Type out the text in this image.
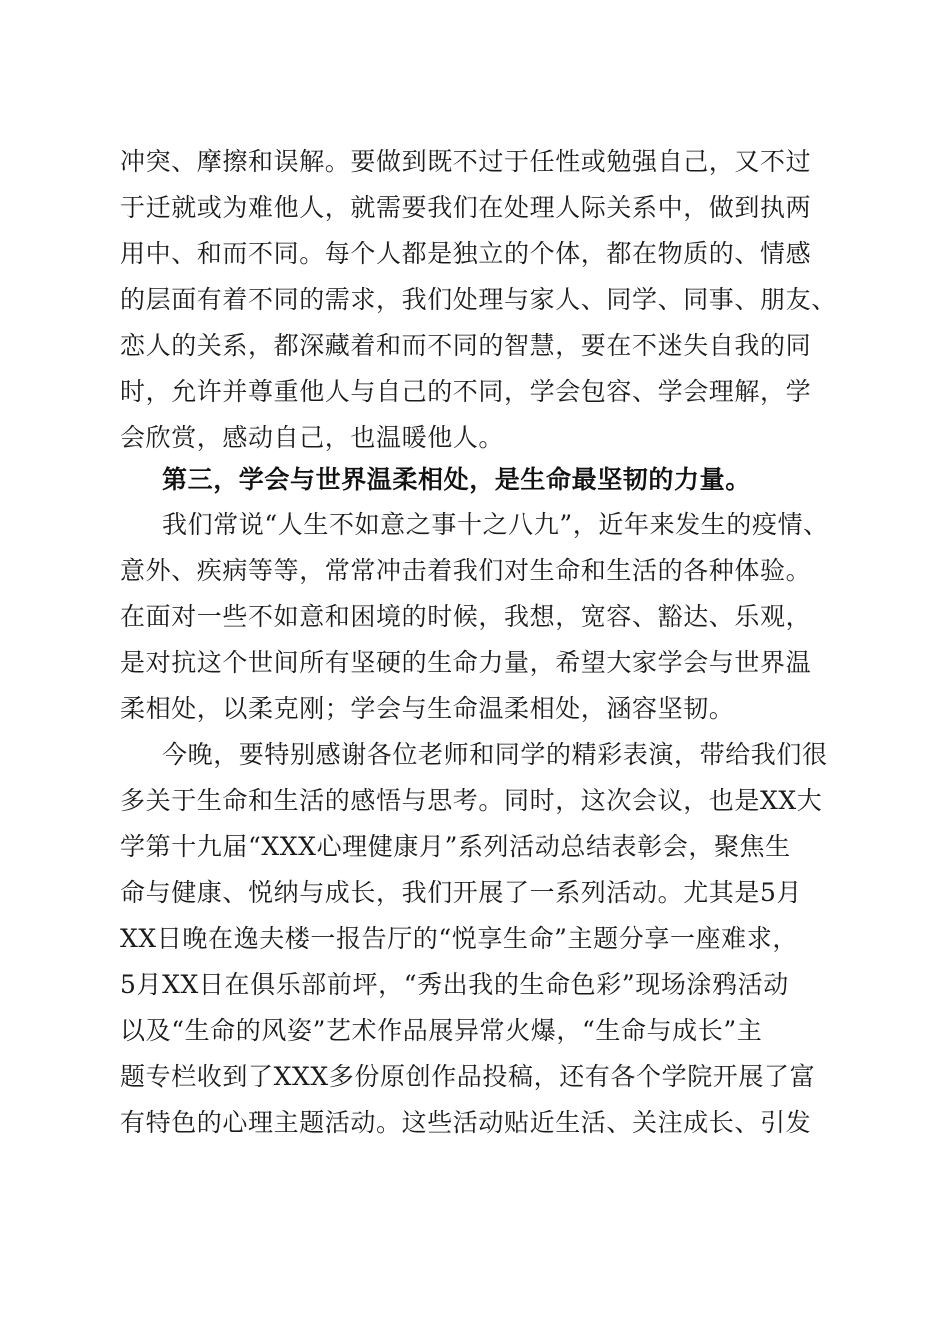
冲突、摩擦和误解。要做到既不过于任性或勉强自己，又不过
于迁就或为难他人，就需要我们在处理人际关系中，做到执两
用中、和而不同。每个人都是独立的个体，都在物质的、情感
的层面有着不同的需求，我们处理与家人、同学、同事、朋友、
恋人的关系，都深藏着和而不同的智慧，要在不迷失自我的同
时，允许并尊重他人与自己的不同，学会包容、学会理解，学
会欣赏，感动自己，也温暖他人。
第三，学会与世界温柔相处，是生命最坚韧的力量。
我们常说“人生不如意之事十之八九”，近年来发生的疫情、
意外、疾病等等，常常冲击着我们对生命和生活的各种体验。
在面对一些不如意和困境的时候，我想，宽容、豁达、乐观，
是对抗这个世间所有坚硬的生命力量，希望大家学会与世界温
柔相处，以柔克刚；学会与生命温柔相处，涵容坚韧。
今晚，要特别感谢各位老师和同学的精彩表演，带给我们很
多关于生命和生活的感悟与思考。同时，这次会议，也是XX大
学第十九届“XXX心理健康月”系列活动总结表彰会，聚焦生
命与健康、悦纳与成长，我们开展了一系列活动。尤其是5月
XX日晚在逸夫楼一报告厅的“悦享生命”主题分享一座难求，
5月XX日在俱乐部前坪，“秀出我的生命色彩”现场涂鸦活动
以及“生命的风姿”艺术作品展异常火爆，“生命与成长”主
题专栏收到了XXX多份原创作品投稿，还有各个学院开展了富
有特色的心理主题活动。这些活动贴近生活、关注成长、引发
